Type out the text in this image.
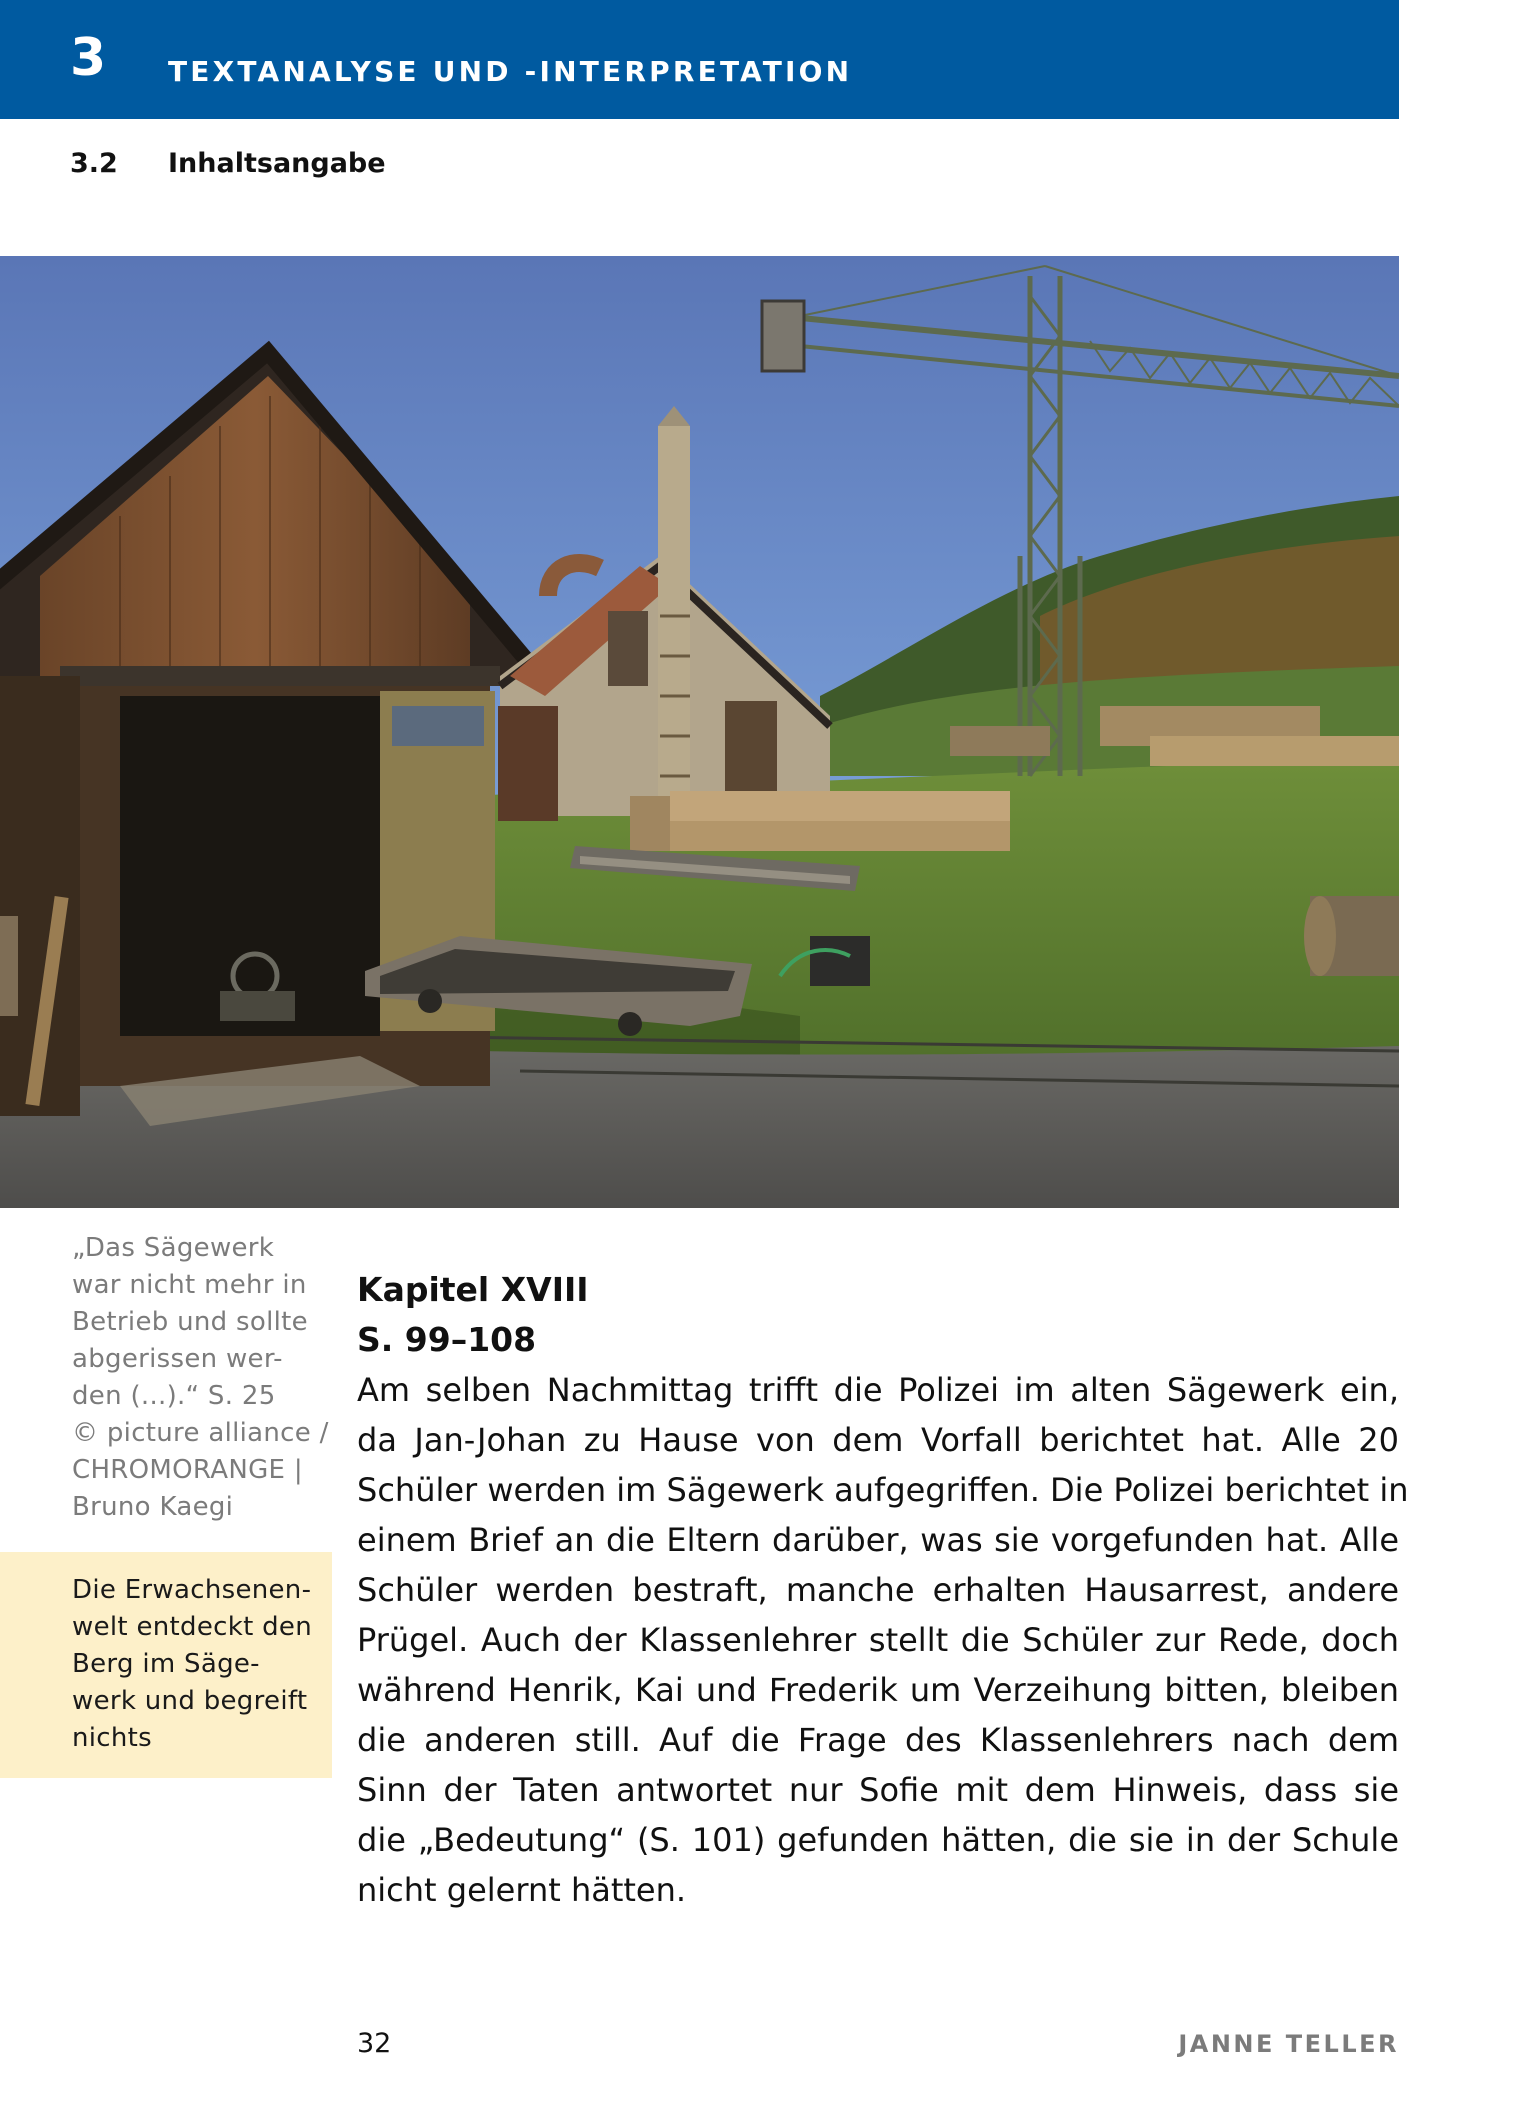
3 TEXTANALYSE UND -INTERPRETATION
3.2 Inhaltsangabe
„Das Sägewerk
war nicht mehr in
Betrieb und sollte
abgerissen wer-
den (...).“ S. 25
© picture alliance /
CHROMORANGE |
Bruno Kaegi
Die Erwachsenen-
welt entdeckt den
Berg im Säge-
werk und begreift
nichts
Kapitel XVIII
S. 99–108
Am selben Nachmittag trifft die Polizei im alten Sägewerk ein,
da Jan-Johan zu Hause von dem Vorfall berichtet hat. Alle 20
Schüler werden im Sägewerk aufgegriffen. Die Polizei berichtet in
einem Brief an die Eltern darüber, was sie vorgefunden hat. Alle
Schüler werden bestraft, manche erhalten Hausarrest, andere
Prügel. Auch der Klassenlehrer stellt die Schüler zur Rede, doch
während Henrik, Kai und Frederik um Verzeihung bitten, bleiben
die anderen still. Auf die Frage des Klassenlehrers nach dem
Sinn der Taten antwortet nur Sofie mit dem Hinweis, dass sie
die „Bedeutung“ (S. 101) gefunden hätten, die sie in der Schule
nicht gelernt hätten.
32	JANNE TELLER
